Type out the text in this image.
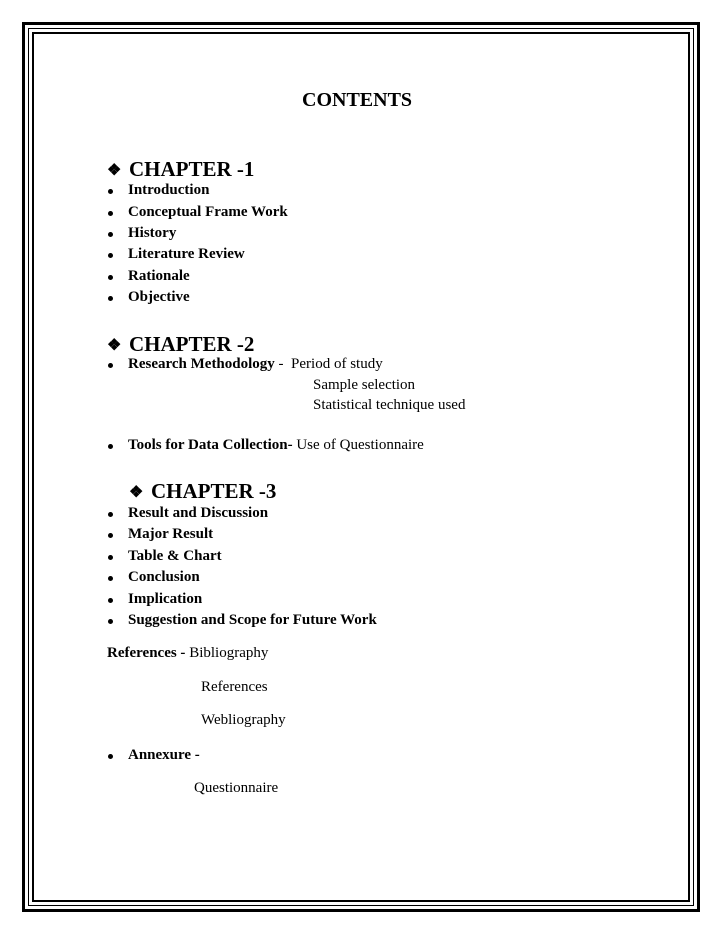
CONTENTS
❖ CHAPTER -1
Introduction
Conceptual Frame Work
History
Literature Review
Rationale
Objective
❖ CHAPTER -2
Research Methodology -  Period of study
Sample selection
Statistical technique used
Tools for Data Collection- Use of Questionnaire
❖ CHAPTER -3
Result and Discussion
Major Result
Table & Chart
Conclusion
Implication
Suggestion and Scope for Future Work
References - Bibliography
References
Webliography
Annexure -
Questionnaire
